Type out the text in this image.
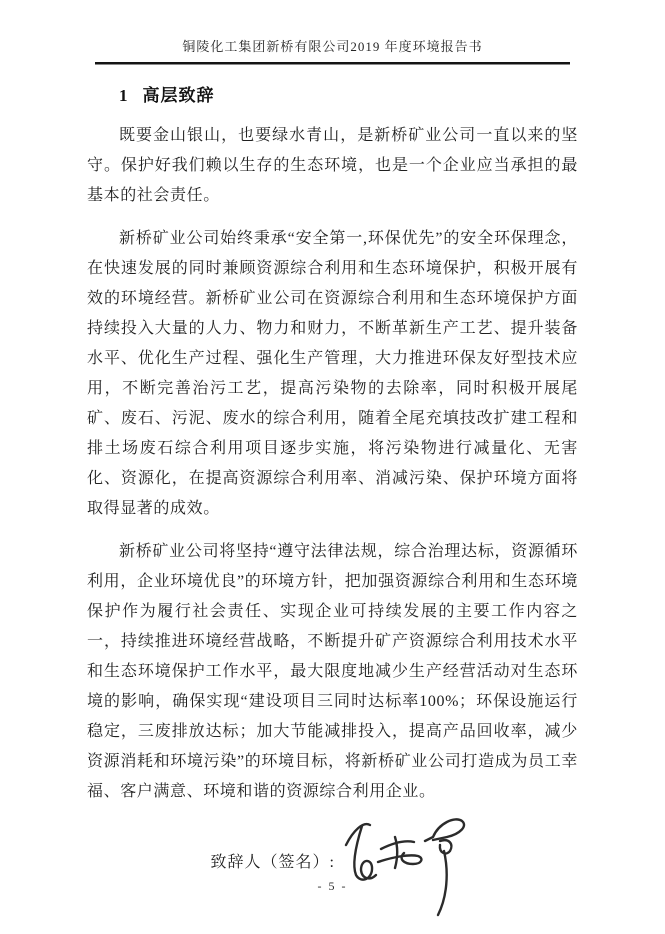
铜陵化工集团新桥有限公司2019 年度环境报告书
1 高层致辞

既要金山银山，也要绿水青山，是新桥矿业公司一直以来的坚守。保护好我们赖以生存的生态环境，也是一个企业应当承担的最基本的社会责任。

新桥矿业公司始终秉承“安全第一,环保优先”的安全环保理念，在快速发展的同时兼顾资源综合利用和生态环境保护，积极开展有效的环境经营。新桥矿业公司在资源综合利用和生态环境保护方面持续投入大量的人力、物力和财力，不断革新生产工艺、提升装备水平、优化生产过程、强化生产管理，大力推进环保友好型技术应用，不断完善治污工艺，提高污染物的去除率，同时积极开展尾矿、废石、污泥、废水的综合利用，随着全尾充填技改扩建工程和排土场废石综合利用项目逐步实施，将污染物进行减量化、无害化、资源化，在提高资源综合利用率、消减污染、保护环境方面将取得显著的成效。

新桥矿业公司将坚持“遵守法律法规，综合治理达标，资源循环利用，企业环境优良”的环境方针，把加强资源综合利用和生态环境保护作为履行社会责任、实现企业可持续发展的主要工作内容之一，持续推进环境经营战略，不断提升矿产资源综合利用技术水平和生态环境保护工作水平，最大限度地减少生产经营活动对生态环境的影响，确保实现“建设项目三同时达标率100%；环保设施运行稳定，三废排放达标；加大节能减排投入，提高产品回收率，减少资源消耗和环境污染”的环境目标，将新桥矿业公司打造成为员工幸福、客户满意、环境和谐的资源综合利用企业。

致辞人（签名）:
- 5 -
